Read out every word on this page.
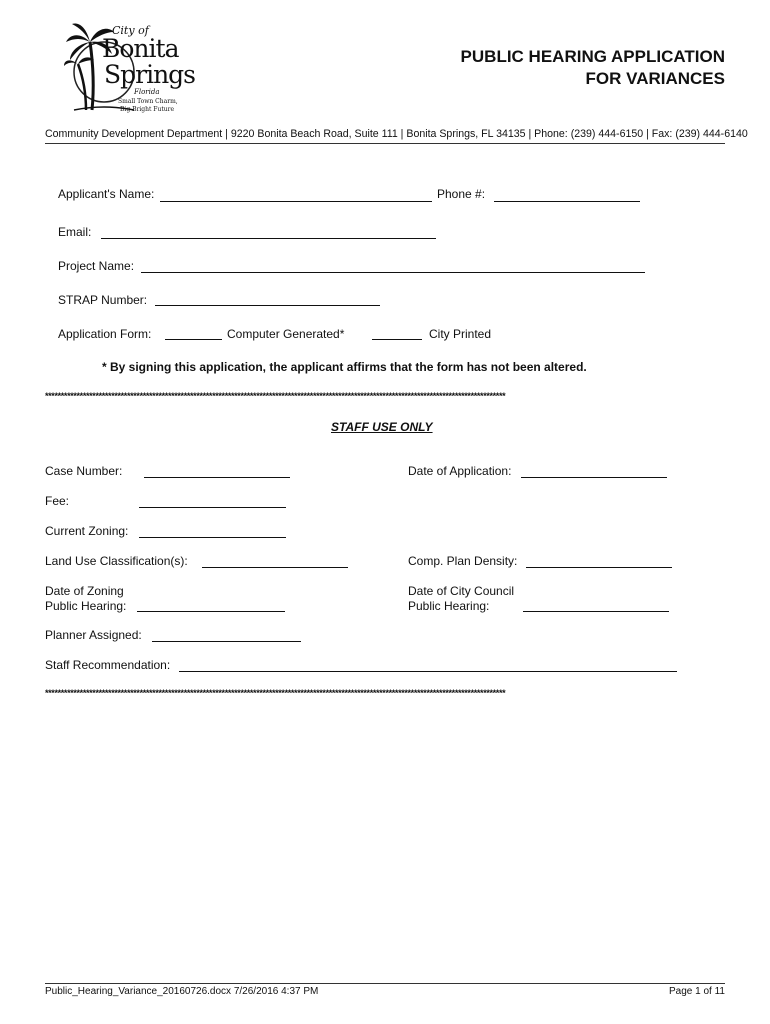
City of
Bonita
Springs
Florida
Small Town Charm,
Big Bright Future
PUBLIC HEARING APPLICATION
FOR VARIANCES
Community Development Department | 9220 Bonita Beach Road, Suite 111 | Bonita Springs, FL 34135 | Phone: (239) 444-6150 | Fax: (239) 444-6140
Applicant's Name:	Phone #:
Email:
Project Name:
STRAP Number:
Application Form:	Computer Generated*	City Printed
* By signing this application, the applicant affirms that the form has not been altered.
**************************************************************************************************************************************************
STAFF USE ONLY
Case Number:	Date of Application:
Fee:
Current Zoning:
Land Use Classification(s):	Comp. Plan Density:
Date of Zoning
Public Hearing:
Date of City Council
Public Hearing:
Planner Assigned:
Staff Recommendation:
**************************************************************************************************************************************************
Public_Hearing_Variance_20160726.docx 7/26/2016 4:37 PM	Page 1 of 11
